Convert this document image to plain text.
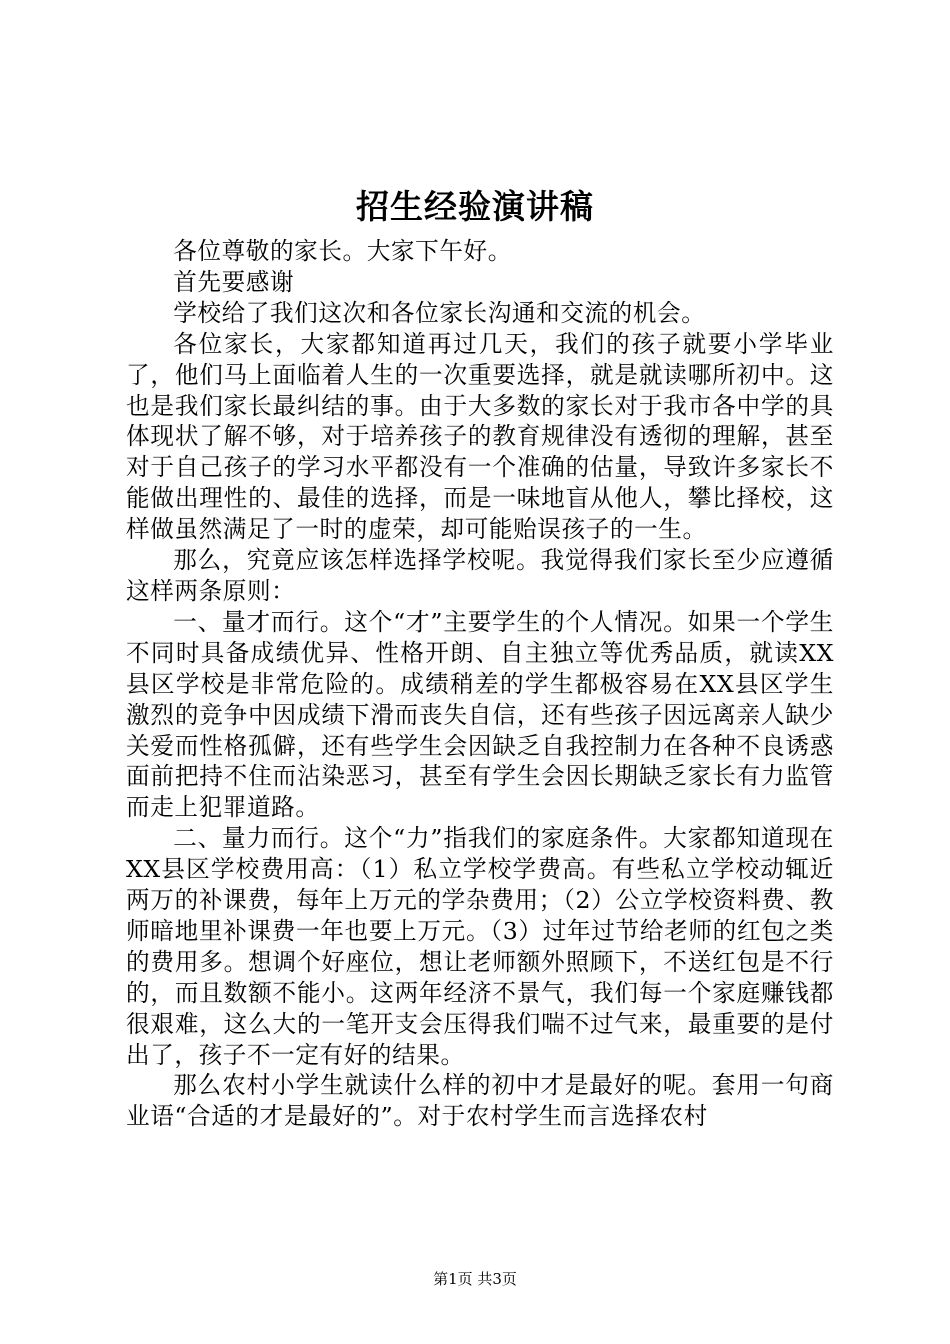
招生经验演讲稿

各位尊敬的家长。大家下午好。

首先要感谢

学校给了我们这次和各位家长沟通和交流的机会。

各位家长，大家都知道再过几天，我们的孩子就要小学毕业了，他们马上面临着人生的一次重要选择，就是就读哪所初中。这也是我们家长最纠结的事。由于大多数的家长对于我市各中学的具体现状了解不够，对于培养孩子的教育规律没有透彻的理解，甚至对于自己孩子的学习水平都没有一个准确的估量，导致许多家长不能做出理性的、最佳的选择，而是一味地盲从他人，攀比择校，这样做虽然满足了一时的虚荣，却可能贻误孩子的一生。

那么，究竟应该怎样选择学校呢。我觉得我们家长至少应遵循这样两条原则：

一、量才而行。这个“才”主要学生的个人情况。如果一个学生不同时具备成绩优异、性格开朗、自主独立等优秀品质，就读XX县区学校是非常危险的。成绩稍差的学生都极容易在XX县区学生激烈的竞争中因成绩下滑而丧失自信，还有些孩子因远离亲人缺少关爱而性格孤僻，还有些学生会因缺乏自我控制力在各种不良诱惑面前把持不住而沾染恶习，甚至有学生会因长期缺乏家长有力监管而走上犯罪道路。

二、量力而行。这个“力”指我们的家庭条件。大家都知道现在XX县区学校费用高：（1）私立学校学费高。有些私立学校动辄近两万的补课费，每年上万元的学杂费用；（2）公立学校资料费、教师暗地里补课费一年也要上万元。（3）过年过节给老师的红包之类的费用多。想调个好座位，想让老师额外照顾下，不送红包是不行的，而且数额不能小。这两年经济不景气，我们每一个家庭赚钱都很艰难，这么大的一笔开支会压得我们喘不过气来，最重要的是付出了，孩子不一定有好的结果。

那么农村小学生就读什么样的初中才是最好的呢。套用一句商业语“合适的才是最好的”。对于农村学生而言选择农村

第1页 共3页
